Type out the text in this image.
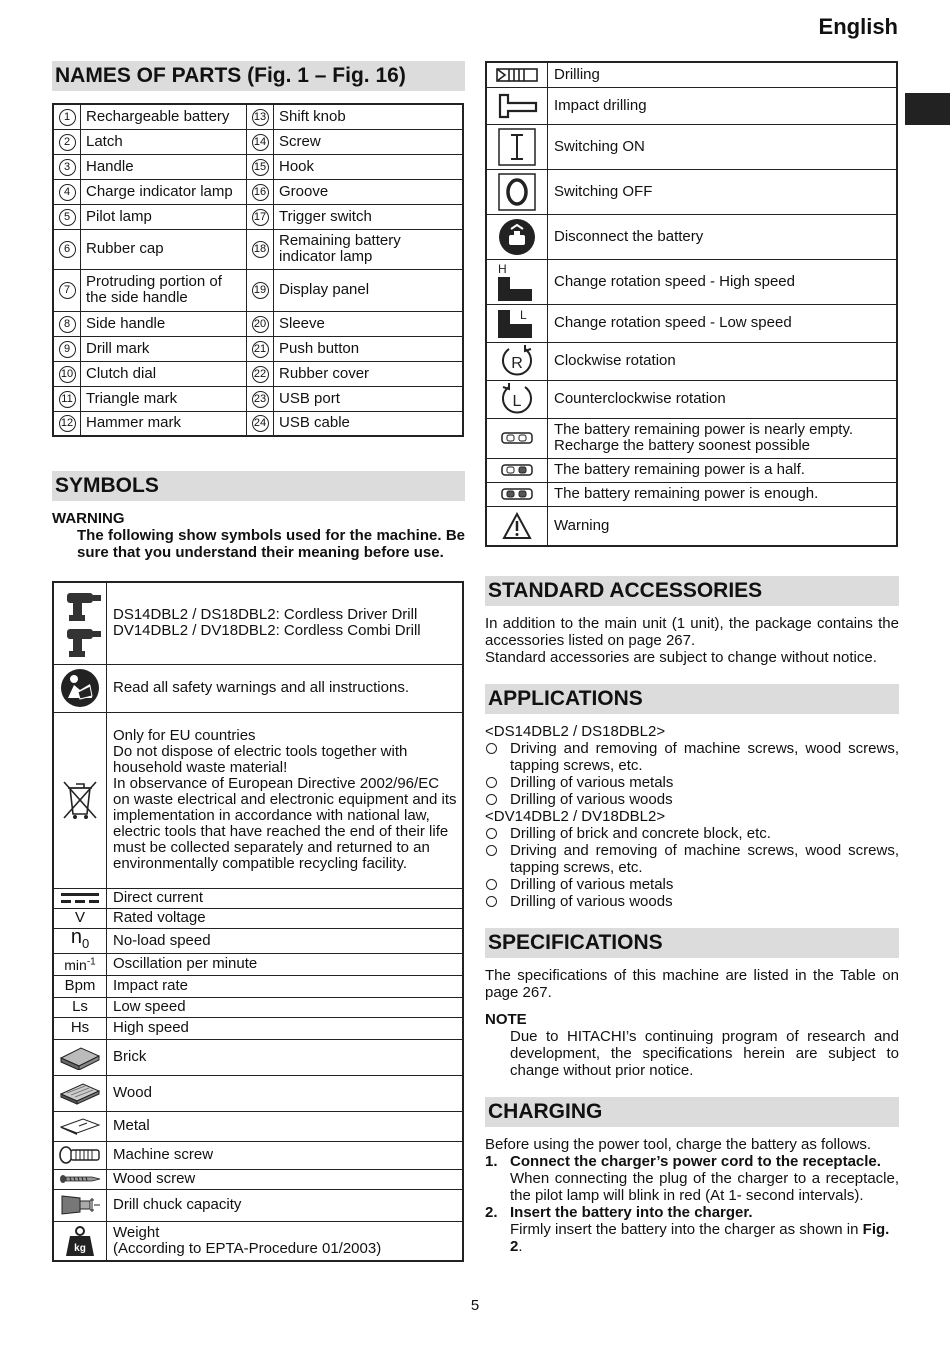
English
NAMES OF PARTS (Fig. 1 – Fig. 16)
1	Rechargeable battery	13	Shift knob
2	Latch	14	Screw
3	Handle	15	Hook
4	Charge indicator lamp	16	Groove
5	Pilot lamp	17	Trigger switch
6	Rubber cap	18	Remaining battery indicator lamp
7	Protruding portion of the side handle	19	Display panel
8	Side handle	20	Sleeve
9	Drill mark	21	Push button
10	Clutch dial	22	Rubber cover
11	Triangle mark	23	USB port
12	Hammer mark	24	USB cable
SYMBOLS
WARNING
The following show symbols used for the machine. Be sure that you understand their meaning before use.
	DS14DBL2 / DS18DBL2: Cordless Driver Drill
DV14DBL2 / DV18DBL2: Cordless Combi Drill

	Read all safety warnings and all instructions.

	Only for EU countries
Do not dispose of electric tools together with household waste material!
In observance of European Directive 2002/96/EC on waste electrical and electronic equipment and its implementation in accordance with national law, electric tools that have reached the end of their life must be collected separately and returned to an environmentally compatible recycling facility.

	Direct current
V	Rated voltage
$n_0$	No-load speed
$\min^{-1}$	Oscillation per minute
Bpm	Impact rate
Ls	Low speed
Hs	High speed

	Brick

	Wood

	Metal

	Machine screw

	Wood screw

	Drill chuck capacity

kg	Weight
(According to EPTA-Procedure 01/2003)
	Drilling

	Impact drilling

	Switching ON

	Switching OFF

	Disconnect the battery

H	Change rotation speed - High speed

L	Change rotation speed - Low speed

R	Clockwise rotation

L	Counterclockwise rotation

	The battery remaining power is nearly empty.
Recharge the battery soonest possible

	The battery remaining power is a half.

	The battery remaining power is enough.

	Warning
STANDARD ACCESSORIES
In addition to the main unit (1 unit), the package contains the accessories listed on page 267.
Standard accessories are subject to change without notice.
APPLICATIONS
<DS14DBL2 / DS18DBL2>
Driving and removing of machine screws, wood screws, tapping screws, etc.
Drilling of various metals
Drilling of various woods
<DV14DBL2 / DV18DBL2>
Drilling of brick and concrete block, etc.
Driving and removing of machine screws, wood screws, tapping screws, etc.
Drilling of various metals
Drilling of various woods
SPECIFICATIONS
The specifications of this machine are listed in the Table on page 267.
NOTE
Due to HITACHI’s continuing program of research and development, the specifications herein are subject to change without prior notice.
CHARGING
Before using the power tool, charge the battery as follows.
1. Connect the charger’s power cord to the receptacle.
When connecting the plug of the charger to a receptacle, the pilot lamp will blink in red (At 1- second intervals).
2. Insert the battery into the charger.
Firmly insert the battery into the charger as shown in Fig. 2.
5
